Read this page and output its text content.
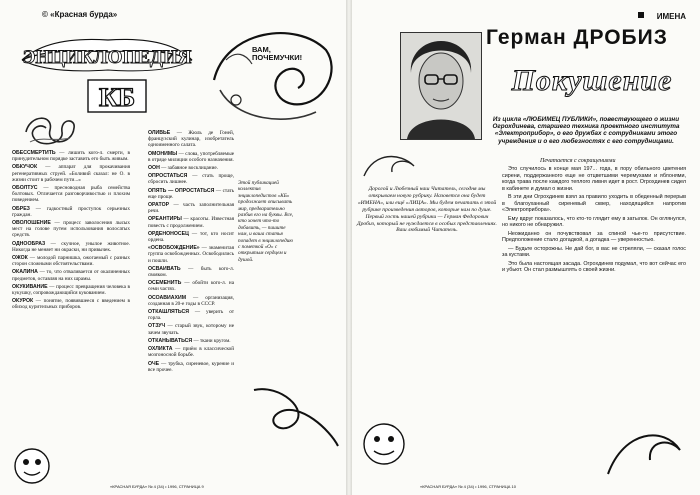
© «Красная бурда»
ЭНЦИКЛОПЕДИЯ
КБ

ОБЕССМЕРТИТЬ — лишить кого-л. смерти, в принудительном порядке заставить его быть живым.

ОБКУЧОК — аппарат для прокачивания регенеративных струей. «Боливий сказал: не О. в жизни стоит в рабочем пути...»

ОБОЛТУС — пресноводная рыба семейства болтовых. Отличается разговорчивостью и плохим поведением.

ОБРЕЗ — гадкостный проступок серьезных граждан.

ОВОЛОШЕНИЕ — процесс заволосения лысых мест на голове путем использования волосатых средств.

ОДНООБРАЗ — скучное, унылое животное. Никогда не меняет ни окраски, ни привычек.

ОЖОК — молодой парнишка, ожогаемый с разных сторон сложными обстоятельствами.

ОКАЛИНА — то, что отваливается от окалиненных предметов, оставляя на них шрамы.

ОКУКИВАНИЕ — процесс превращения человека в кукушку, сопровождающийся кукованием.

ОКУРОК — понятие, появившееся с введением в обиход курительных приборов.

ВАМ, ПОЧЕМУЧКИ!

ОЛИВЬЕ — Жюль де Гоней, французский кулинар, изобретатель одноименного салата.

ОМОНИМЫ — слова, употребляемые в отряде милиции особого назначения.

ООН — забавное восклицание.

ОПРОСТАТЬСЯ — стать проще, сбросить лишнее.

ОПЯТЬ — ОПРОСТАТЬСЯ — стать еще проще.

ОРАТОР — часть заполнительная речи.

ОРЕАНТИРЫ — красоты. Известная повесть с продолжением.

ОРДЕНОНОСЕЦ — тот, кто носит ордена.

«ОСВОБОЖДЕНИЕ» — знаменитая группа освобожденных. Освободились и пошли.

ОСВАИВАТЬ — быть кого-л. свояком.

ОСЕМЕНИТЬ — обойти кого-л. на семи частях.

ОСОАВИАХИМ — организация, созданная в 20-е годы в СССР.

ОТКАШЛЯТЬСЯ — уверить от горла.

ОТЗУЧ — старый звук, которому не зачем звучать.

ОТКАНЫВАТЬСЯ — ткани кругом.

ОХЛИКТА — приём в классической мозгоносной борьбе.

ОЧЕ — трубка, сиреневое, курение и все прочее.

Этой публикацией коллектив энциклопедистов «КБ» продолжает описывать мир, предварительно разбив его на буквы. Все, кто хочет что-то добавить, — пишите нам, и ваша статья попадет в энциклопедию с пометкой «О» с открытым сердцем и душой.
«КРАСНАЯ БУРДА» № 4 (34) • 1996, СТРАНИЦА 9
ИМЕНА
Герман ДРОБИЗ
Покушение
Из цикла «ЛЮБИМЕЦ ПУБЛИКИ», повествующего о жизни Огрохдинева, старшего техника проектного института «Электроприбор», о его дружбах с сотрудниками этого учреждения и о его любезностях с его сотрудницами.
Печатается с сокращениями
Дорогой и Любезный наш Читатель, сегодня мы открываем новую рубрику. Назовется она будет «ИМЕНА», или ещё «ЛИЦА». Мы будем печатать в этой рубрике произведения авторов, которые нам по душе. Первый гость нашей рубрики — Герман Федорович Дробиз, который не нуждается в особых представлениях. Ваш любимый Читатель.

Это случилось в конце мая 197... года, в пору обильного цветения сирени, поддержанного еще не отцветшими черемухами и яблонями, когда трава после каждого теплого ливня идет в рост. Огрохдинев сидел в кабинете и думал о жизни.

В эти дни Огрохдинев взял за правило уходить в обеденный перерыв в благоуханный сиреневый сквер, находящийся напротив «Электроприбора».

Ему вдруг показалось, что кто-то глядит ему в затылок. Он оглянулся, но никого не обнаружил.

Неожиданно он почувствовал за спиной чье-то присутствие. Предположение стало догадкой, а догадка — уверенностью.

— Будьте осторожны. Не дай бог, в вас не стреляли, — сказал голос за кустами.

Это была настоящая засада. Огрохдинев подумал, что вот сейчас его и убьют. Он стал размышлять о своей жизни.

«КРАСНАЯ БУРДА» № 4 (34) • 1996, СТРАНИЦА 10
